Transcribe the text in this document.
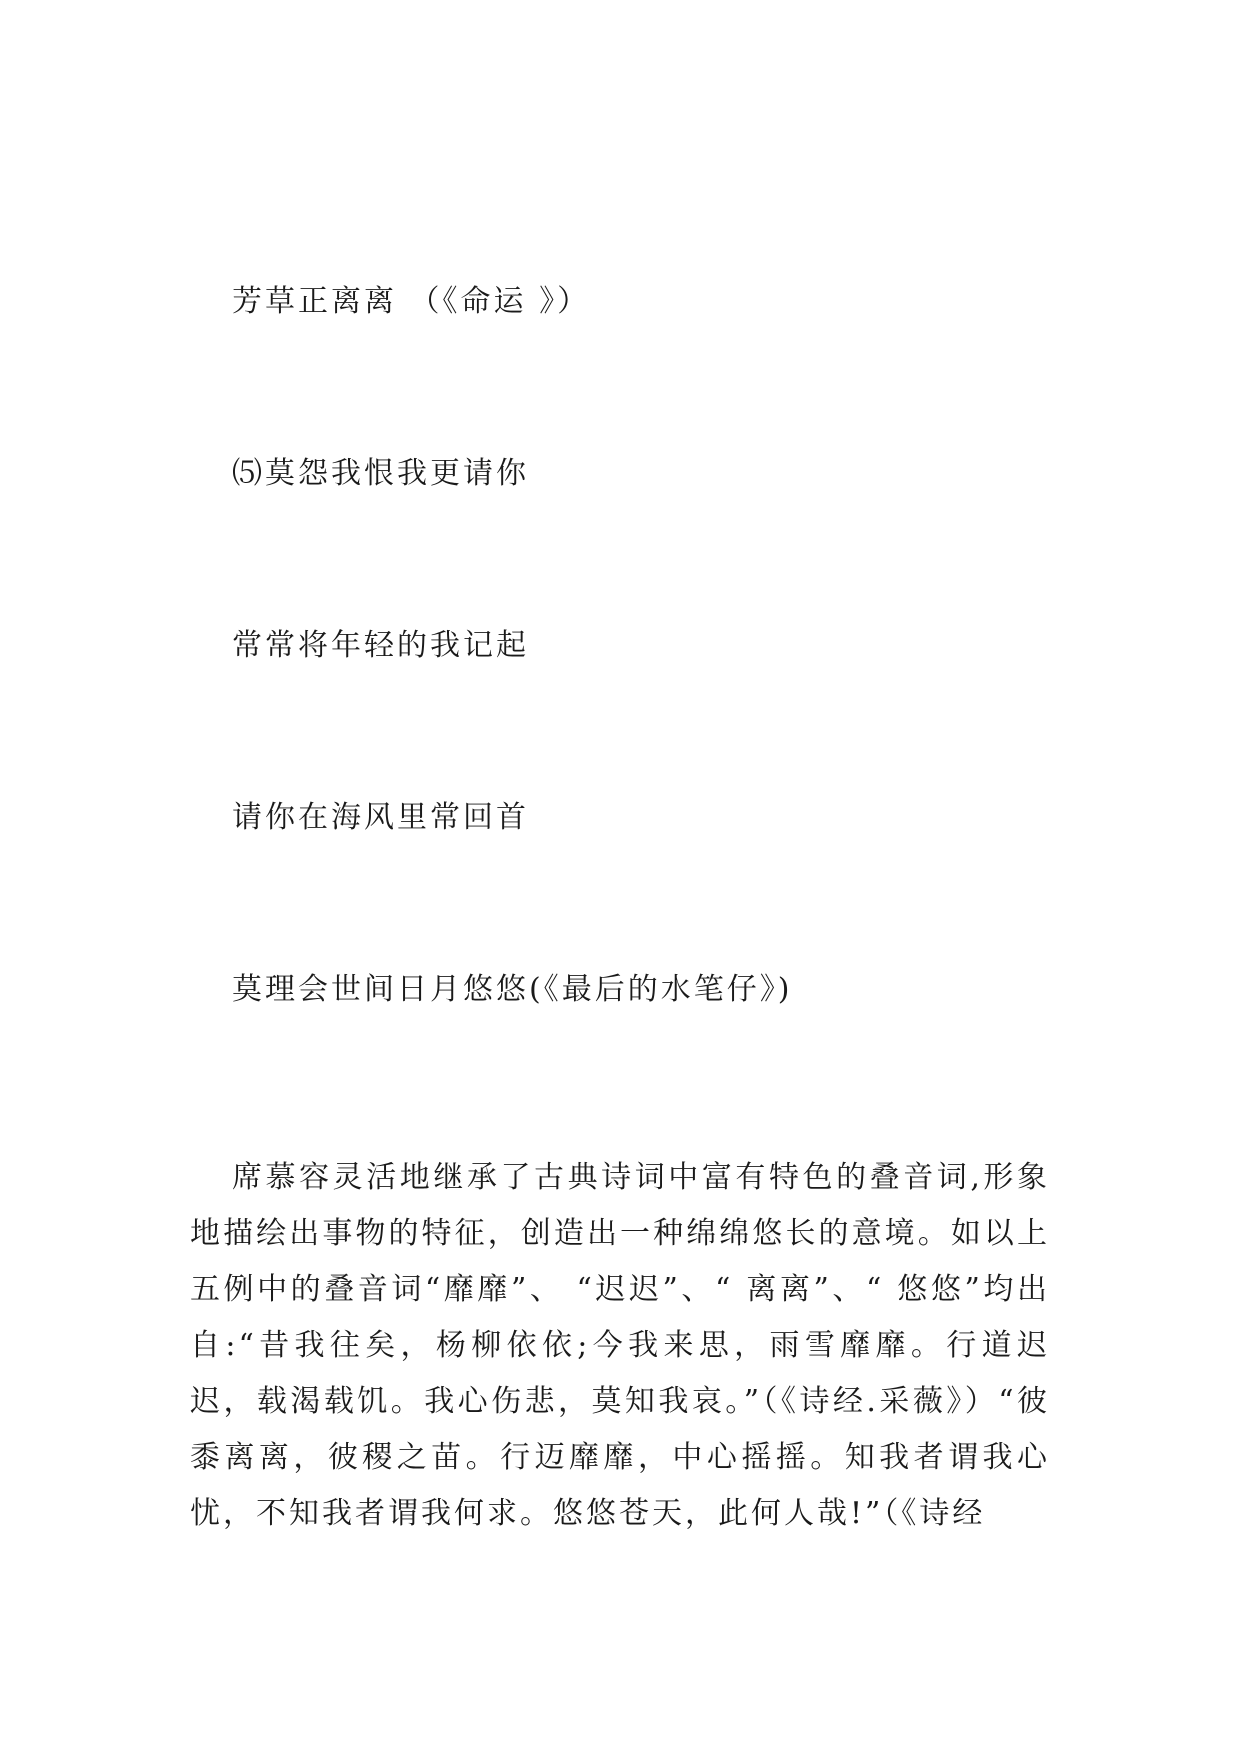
芳草正离离 （《命运 》）
⑸莫怨我恨我更请你
常常将年轻的我记起
请你在海风里常回首
莫理会世间日月悠悠(《最后的水笔仔》)

席慕容灵活地继承了古典诗词中富有特色的叠音词,形象地描绘出事物的特征，创造出一种绵绵悠长的意境。如以上五例中的叠音词“靡靡”、 “迟迟”、“ 离离”、“ 悠悠”均出自:“昔我往矣，杨柳依依;今我来思，雨雪靡靡。行道迟迟，载渴载饥。我心伤悲，莫知我哀。”（《诗经.采薇》）“彼黍离离，彼稷之苗。行迈靡靡，中心摇摇。知我者谓我心忧，不知我者谓我何求。悠悠苍天，此何人哉!”（《诗经
